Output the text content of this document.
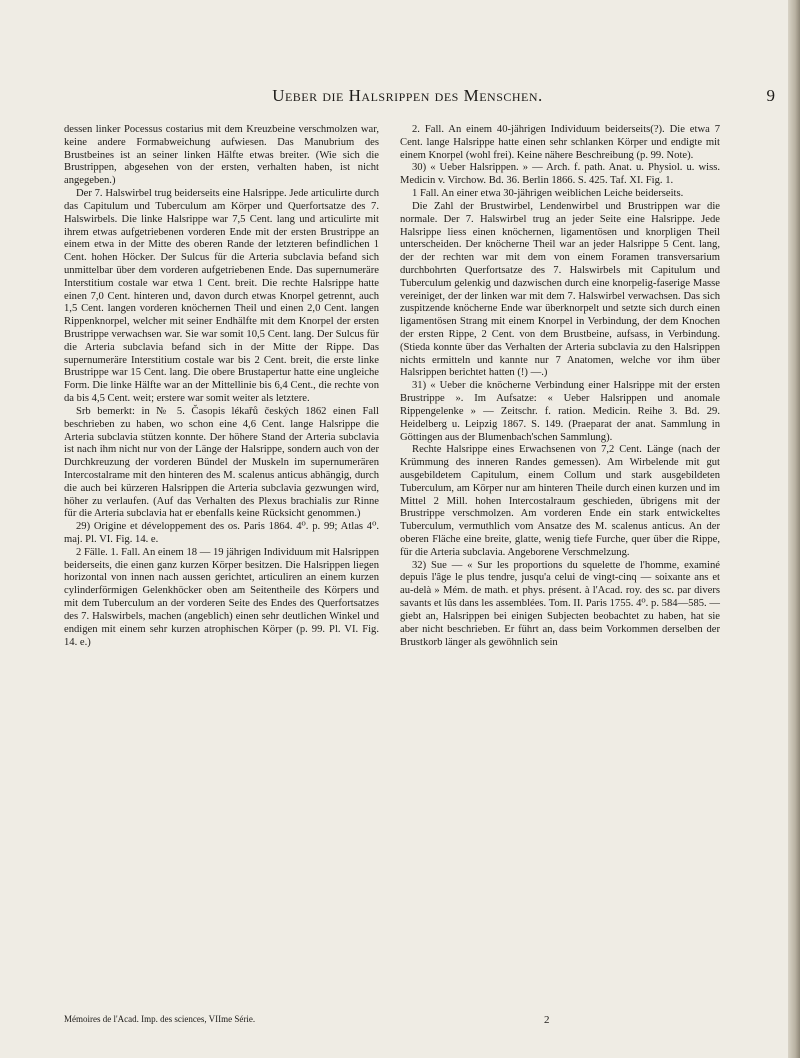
Ueber die Halsrippen des Menschen.	9

dessen linker Pocessus costarius mit dem Kreuzbeine verschmolzen war, keine andere Formabweichung aufwiesen. Das Manubrium des Brustbeines ist an seiner linken Hälfte etwas breiter. (Wie sich die Brustrippen, abgesehen von der ersten, verhalten haben, ist nicht angegeben.)

Der 7. Halswirbel trug beiderseits eine Halsrippe. Jede articulirte durch das Capitulum und Tuberculum am Körper und Querfortsatze des 7. Halswirbels. Die linke Halsrippe war 7,5 Cent. lang und articulirte mit ihrem etwas aufgetriebenen vorderen Ende mit der ersten Brustrippe an einem etwa in der Mitte des oberen Rande der letzteren befindlichen 1 Cent. hohen Höcker. Der Sulcus für die Arteria subclavia befand sich unmittelbar über dem vorderen aufgetriebenen Ende. Das supernumeräre Interstitium costale war etwa 1 Cent. breit. Die rechte Halsrippe hatte einen 7,0 Cent. hinteren und, davon durch etwas Knorpel getrennt, auch 1,5 Cent. langen vorderen knöchernen Theil und einen 2,0 Cent. langen Rippenknorpel, welcher mit seiner Endhälfte mit dem Knorpel der ersten Brustrippe verwachsen war. Sie war somit 10,5 Cent. lang. Der Sulcus für die Arteria subclavia befand sich in der Mitte der Rippe. Das supernumeräre Interstitium costale war bis 2 Cent. breit, die erste linke Brustrippe war 15 Cent. lang. Die obere Brustapertur hatte eine ungleiche Form. Die linke Hälfte war an der Mittellinie bis 6,4 Cent., die rechte von da bis 4,5 Cent. weit; erstere war somit weiter als letztere.

Srb bemerkt: in № 5. Časopis lékařů českých 1862 einen Fall beschrieben zu haben, wo schon eine 4,6 Cent. lange Halsrippe die Arteria subclavia stützen konnte. Der höhere Stand der Arteria subclavia ist nach ihm nicht nur von der Länge der Halsrippe, sondern auch von der Durchkreuzung der vorderen Bündel der Muskeln im supernumerären Intercostalrame mit den hinteren des M. scalenus anticus abhängig, durch die auch bei kürzeren Halsrippen die Arteria subclavia gezwungen wird, höher zu verlaufen. (Auf das Verhalten des Plexus brachialis zur Rinne für die Arteria subclavia hat er ebenfalls keine Rücksicht genommen.)

29) Origine et développement des os. Paris 1864. 4⁰. p. 99; Atlas 4⁰. maj. Pl. VI. Fig. 14. e.

2 Fälle. 1. Fall. An einem 18 — 19 jährigen Individuum mit Halsrippen beiderseits, die einen ganz kurzen Körper besitzen. Die Halsrippen liegen horizontal von innen nach aussen gerichtet, articuliren an einem kurzen cylinderförmigen Gelenkhöcker oben am Seitentheile des Körpers und mit dem Tuberculum an der vorderen Seite des Endes des Querfortsatzes des 7. Halswirbels, machen (angeblich) einen sehr deutlichen Winkel und endigen mit einem sehr kurzen atrophischen Körper (p. 99. Pl. VI. Fig. 14. e.)

2. Fall. An einem 40-jährigen Individuum beiderseits(?). Die etwa 7 Cent. lange Halsrippe hatte einen sehr schlanken Körper und endigte mit einem Knorpel (wohl frei). Keine nähere Beschreibung (p. 99. Note).

30) « Ueber Halsrippen. » — Arch. f. path. Anat. u. Physiol. u. wiss. Medicin v. Virchow. Bd. 36. Berlin 1866. S. 425. Taf. XI. Fig. 1.

1 Fall. An einer etwa 30-jährigen weiblichen Leiche beiderseits.

Die Zahl der Brustwirbel, Lendenwirbel und Brustrippen war die normale. Der 7. Halswirbel trug an jeder Seite eine Halsrippe. Jede Halsrippe liess einen knöchernen, ligamentösen und knorpligen Theil unterscheiden. Der knöcherne Theil war an jeder Halsrippe 5 Cent. lang, der der rechten war mit dem von einem Foramen transversarium durchbohrten Querfortsatze des 7. Halswirbels mit Capitulum und Tuberculum gelenkig und dazwischen durch eine knorpelig-faserige Masse vereiniget, der der linken war mit dem 7. Halswirbel verwachsen. Das sich zuspitzende knöcherne Ende war überknorpelt und setzte sich durch einen ligamentösen Strang mit einem Knorpel in Verbindung, der dem Knochen der ersten Rippe, 2 Cent. von dem Brustbeine, aufsass, in Verbindung. (Stieda konnte über das Verhalten der Arteria subclavia zu den Halsrippen nichts ermitteln und kannte nur 7 Anatomen, welche vor ihm über Halsrippen berichtet hatten (!) —.)

31) « Ueber die knöcherne Verbindung einer Halsrippe mit der ersten Brustrippe ». Im Aufsatze: « Ueber Halsrippen und anomale Rippengelenke » — Zeitschr. f. ration. Medicin. Reihe 3. Bd. 29. Heidelberg u. Leipzig 1867. S. 149. (Praeparat der anat. Sammlung in Göttingen aus der Blumenbach'schen Sammlung).

Rechte Halsrippe eines Erwachsenen von 7,2 Cent. Länge (nach der Krümmung des inneren Randes gemessen). Am Wirbelende mit gut ausgebildetem Capitulum, einem Collum und stark ausgebildeten Tuberculum, am Körper nur am hinteren Theile durch einen kurzen und im Mittel 2 Mill. hohen Intercostalraum geschieden, übrigens mit der Brustrippe verschmolzen. Am vorderen Ende ein stark entwickeltes Tuberculum, vermuthlich vom Ansatze des M. scalenus anticus. An der oberen Fläche eine breite, glatte, wenig tiefe Furche, quer über die Rippe, für die Arteria subclavia. Angeborene Verschmelzung.

32) Sue — « Sur les proportions du squelette de l'homme, examiné depuis l'âge le plus tendre, jusqu'a celui de vingt-cinq — soixante ans et au-delà » Mém. de math. et phys. présent. à l'Acad. roy. des sc. par divers savants et lûs dans les assemblées. Tom. II. Paris 1755. 4⁰. p. 584—585. — giebt an, Halsrippen bei einigen Subjecten beobachtet zu haben, hat sie aber nicht beschrieben. Er führt an, dass beim Vorkommen derselben der Brustkorb länger als gewöhnlich sein

Mémoires de l'Acad. Imp. des sciences, VIIme Série.	2
